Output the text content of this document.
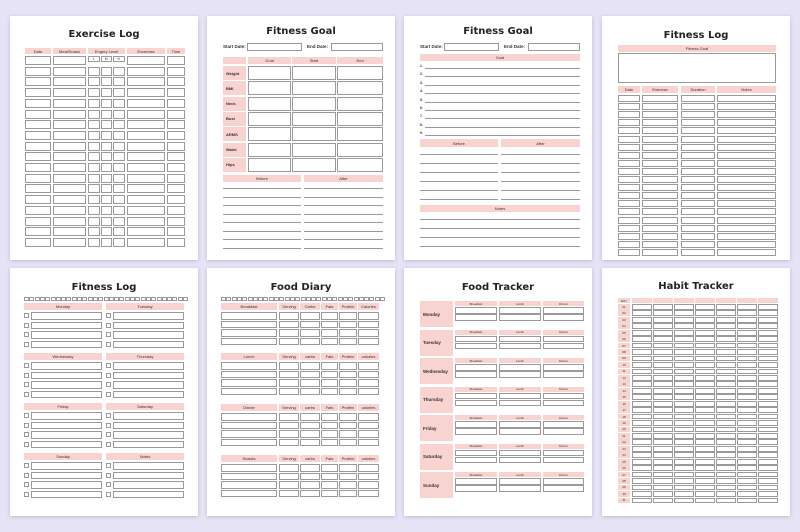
Exercise Log
Date	Meal/Snack	Engery Level	Excercise	Time
L	M	H
Fitness Goal
Start Date:	End Date:
Goal	Start	End
Weight
BMI
Neck
Bust
ARMS
Waist
Hips
Before	After
Fitness Goal
Start Date:	End Date:
Goal
1.
2.
3.
4.
5.
6.
7.
8.
9.
Before	After
Notes
Fitness Log
Fitness Goal
Date	Exercise	Duration	Notes
Fitness Log
Monday	Tuesday
Wednesday	Thursday
Friday	Saturday
Sunday	Notes
Food Diary
Breakfast	Serving	Carbs	Fats	Protein	Calories
Lunch	Serving	carbs	Fats	Protein	calories
Dinner	Serving	carbs	Fats	Protein	calories
Snacks	Serving	carbs	Fats	Protein	calories
Food Tracker
Monday
Breakfast	Lunch	Dinner
Tuesday
Breakfast	Lunch	Dinner
Wednesday
Breakfast	Lunch	Dinner
Thursday
Breakfast	Lunch	Dinner
Friday
Breakfast	Lunch	Dinner
Saturday
Breakfast	Lunch	Dinner
Sunday
Breakfast	Lunch	Dinner
Habit Tracker
DAY
01
02
03
04
05
06
07
08
09
10
11
12
13
14
15
16
17
18
19
20
21
22
23
24
25
26
27
28
29
30
31
